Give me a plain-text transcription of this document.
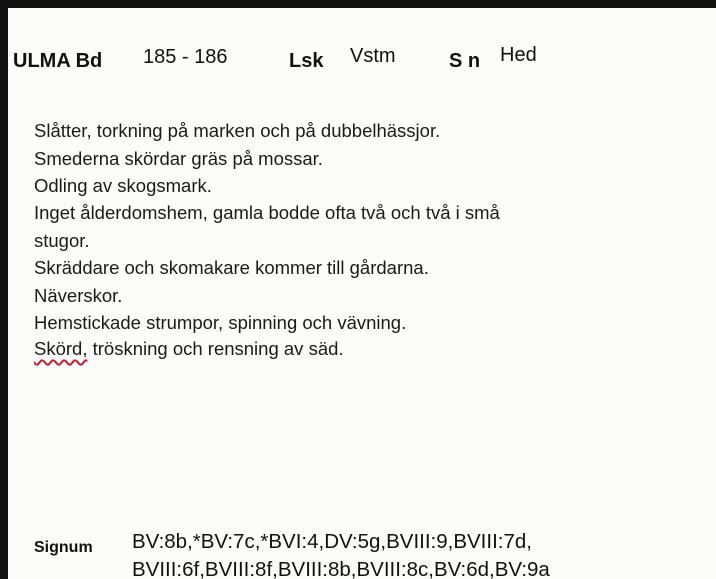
ULMA Bd 185 - 186	Lsk Vstm	S n Hed
Slåtter, torkning på marken och på dubbelhässjor.
Smederna skördar gräs på mossar.
Odling av skogsmark.
Inget ålderdomshem, gamla bodde ofta två och två i små
stugor.
Skräddare och skomakare kommer till gårdarna.
Näverskor.
Hemstickade strumpor, spinning och vävning.
Skörd, tröskning och rensning av säd.
Signum BV:8b,*BV:7c,*BVI:4,DV:5g,BVIII:9,BVIII:7d,
BVIII:6f,BVIII:8f,BVIII:8b,BVIII:8c,BV:6d,BV:9a
